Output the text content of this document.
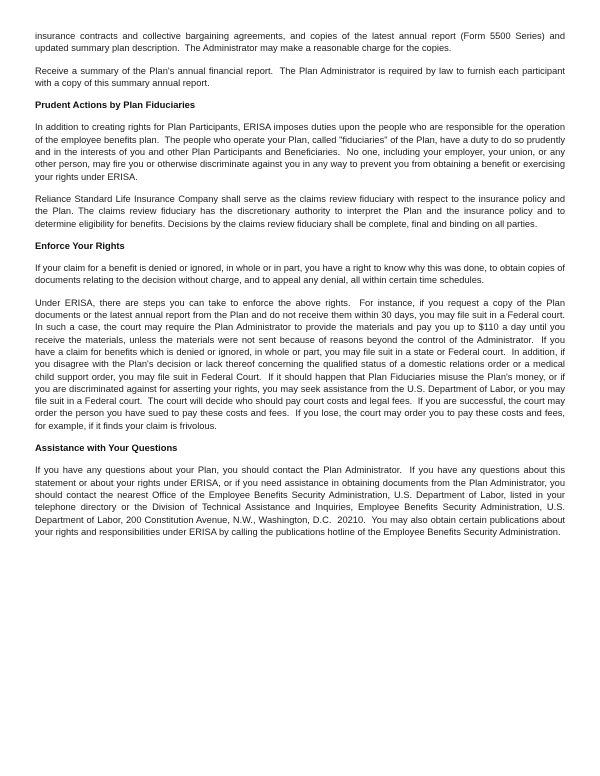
insurance contracts and collective bargaining agreements, and copies of the latest annual report (Form 5500 Series) and updated summary plan description.  The Administrator may make a reasonable charge for the copies.

Receive a summary of the Plan's annual financial report.  The Plan Administrator is required by law to furnish each participant with a copy of this summary annual report.

Prudent Actions by Plan Fiduciaries

In addition to creating rights for Plan Participants, ERISA imposes duties upon the people who are responsible for the operation of the employee benefits plan.  The people who operate your Plan, called "fiduciaries" of the Plan, have a duty to do so prudently and in the interests of you and other Plan Participants and Beneficiaries.  No one, including your employer, your union, or any other person, may fire you or otherwise discriminate against you in any way to prevent you from obtaining a benefit or exercising your rights under ERISA.

Reliance Standard Life Insurance Company shall serve as the claims review fiduciary with respect to the insurance policy and the Plan. The claims review fiduciary has the discretionary authority to interpret the Plan and the insurance policy and to determine eligibility for benefits. Decisions by the claims review fiduciary shall be complete, final and binding on all parties.

Enforce Your Rights

If your claim for a benefit is denied or ignored, in whole or in part, you have a right to know why this was done, to obtain copies of documents relating to the decision without charge, and to appeal any denial, all within certain time schedules.

Under ERISA, there are steps you can take to enforce the above rights.  For instance, if you request a copy of the Plan documents or the latest annual report from the Plan and do not receive them within 30 days, you may file suit in a Federal court.  In such a case, the court may require the Plan Administrator to provide the materials and pay you up to $110 a day until you receive the materials, unless the materials were not sent because of reasons beyond the control of the Administrator.  If you have a claim for benefits which is denied or ignored, in whole or part, you may file suit in a state or Federal court.  In addition, if you disagree with the Plan's decision or lack thereof concerning the qualified status of a domestic relations order or a medical child support order, you may file suit in Federal Court.  If it should happen that Plan Fiduciaries misuse the Plan's money, or if you are discriminated against for asserting your rights, you may seek assistance from the U.S. Department of Labor, or you may file suit in a Federal court.  The court will decide who should pay court costs and legal fees.  If you are successful, the court may order the person you have sued to pay these costs and fees.  If you lose, the court may order you to pay these costs and fees, for example, if it finds your claim is frivolous.

Assistance with Your Questions

If you have any questions about your Plan, you should contact the Plan Administrator.  If you have any questions about this statement or about your rights under ERISA, or if you need assistance in obtaining documents from the Plan Administrator, you should contact the nearest Office of the Employee Benefits Security Administration, U.S. Department of Labor, listed in your telephone directory or the Division of Technical Assistance and Inquiries, Employee Benefits Security Administration, U.S. Department of Labor, 200 Constitution Avenue, N.W., Washington, D.C.  20210.  You may also obtain certain publications about your rights and responsibilities under ERISA by calling the publications hotline of the Employee Benefits Security Administration.
